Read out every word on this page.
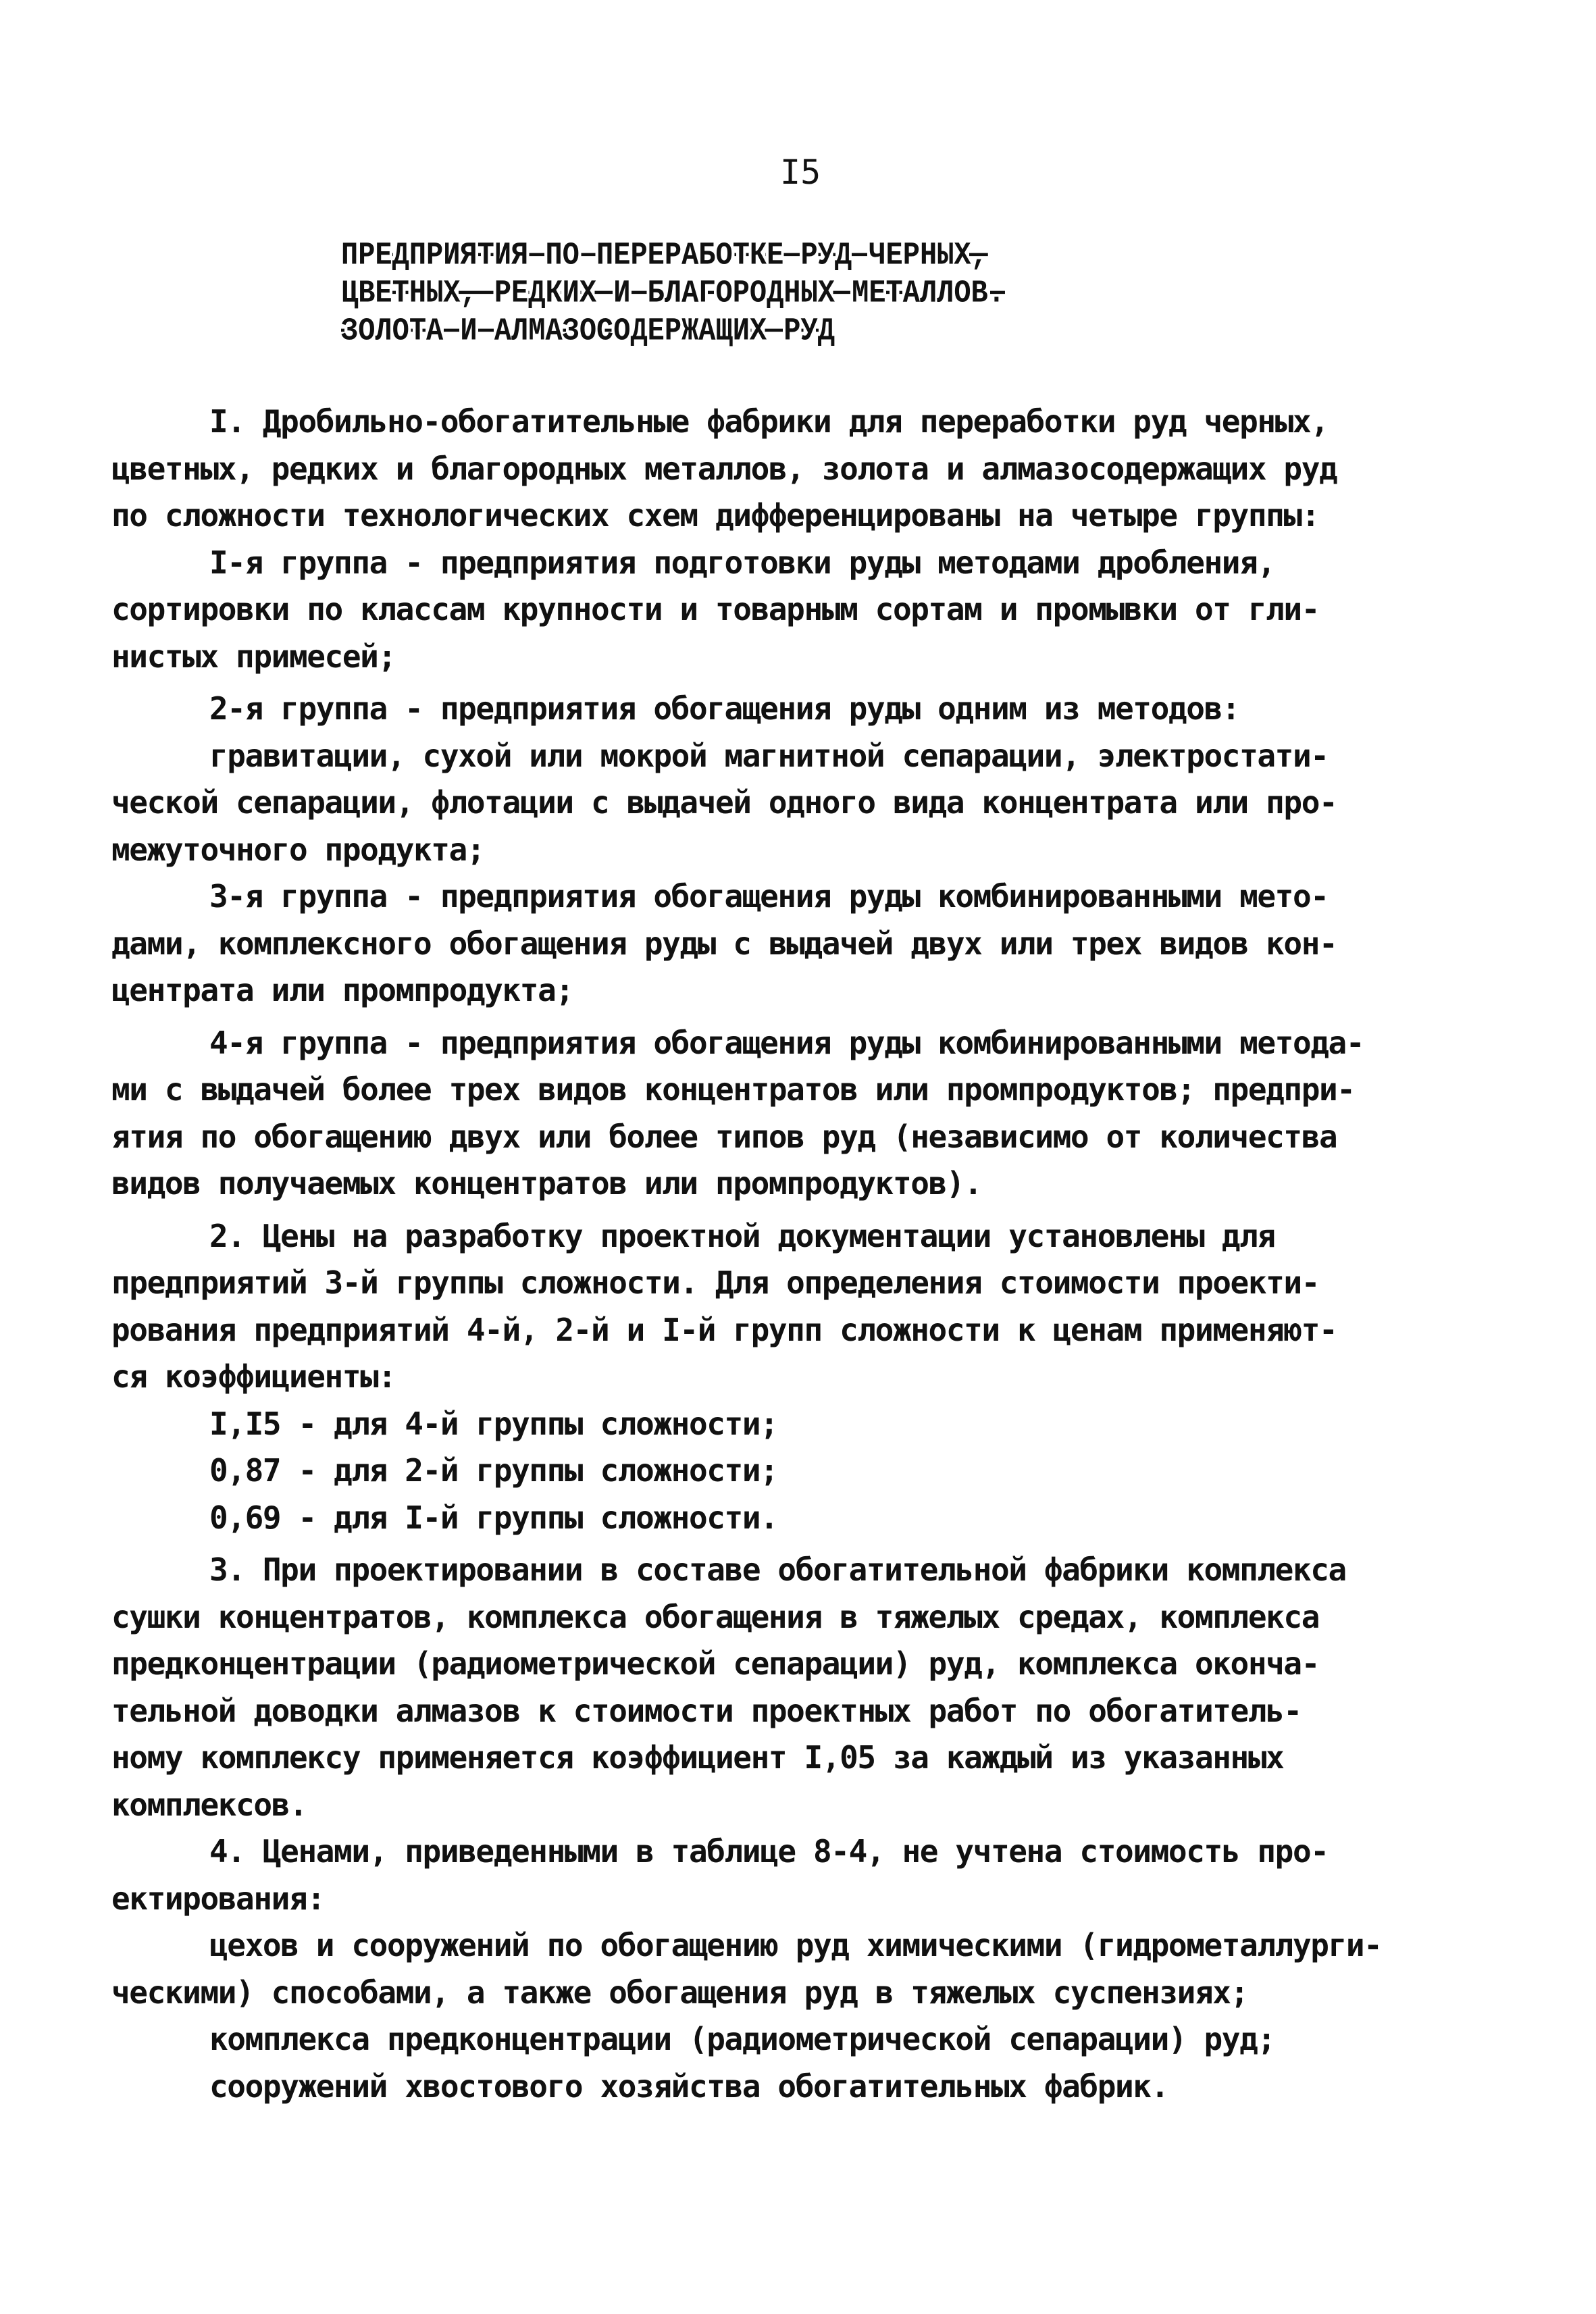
I5
ПРЕДПРИЯТИЯ ПО ПЕРЕРАБОТКЕ РУД ЧЕРНЫХ,
ЦВЕТНЫХ, РЕДКИХ И БЛАГОРОДНЫХ МЕТАЛЛОВ.
ЗОЛОТА И АЛМАЗОСОДЕРЖАЩИХ РУД
I. Дробильно-обогатительные фабрики для переработки руд черных,
цветных, редких и благородных металлов, золота и алмазосодержащих руд
по сложности технологических схем дифференцированы на четыре группы:
I-я группа - предприятия подготовки руды методами дробления,
сортировки по классам крупности и товарным сортам и промывки от гли-
нистых примесей;
2-я группа - предприятия обогащения руды одним из методов:
гравитации, сухой или мокрой магнитной сепарации, электростати-
ческой сепарации, флотации с выдачей одного вида концентрата или про-
межуточного продукта;
3-я группа - предприятия обогащения руды комбинированными мето-
дами, комплексного обогащения руды с выдачей двух или трех видов кон-
центрата или промпродукта;
4-я группа - предприятия обогащения руды комбинированными метода-
ми с выдачей более трех видов концентратов или промпродуктов; предпри-
ятия по обогащению двух или более типов руд (независимо от количества
видов получаемых концентратов или промпродуктов).
2. Цены на разработку проектной документации установлены для
предприятий 3-й группы сложности. Для определения стоимости проекти-
рования предприятий 4-й, 2-й и I-й групп сложности к ценам применяют-
ся коэффициенты:
I,I5 - для 4-й группы сложности;
0,87 - для 2-й группы сложности;
0,69 - для I-й группы сложности.
3. При проектировании в составе обогатительной фабрики комплекса
сушки концентратов, комплекса обогащения в тяжелых средах, комплекса
предконцентрации (радиометрической сепарации) руд, комплекса оконча-
тельной доводки алмазов к стоимости проектных работ по обогатитель-
ному комплексу применяется коэффициент I,05 за каждый из указанных
комплексов.
4. Ценами, приведенными в таблице 8-4, не учтена стоимость про-
ектирования:
цехов и сооружений по обогащению руд химическими (гидрометаллурги-
ческими) способами, а также обогащения руд в тяжелых суспензиях;
комплекса предконцентрации (радиометрической сепарации) руд;
сооружений хвостового хозяйства обогатительных фабрик.
